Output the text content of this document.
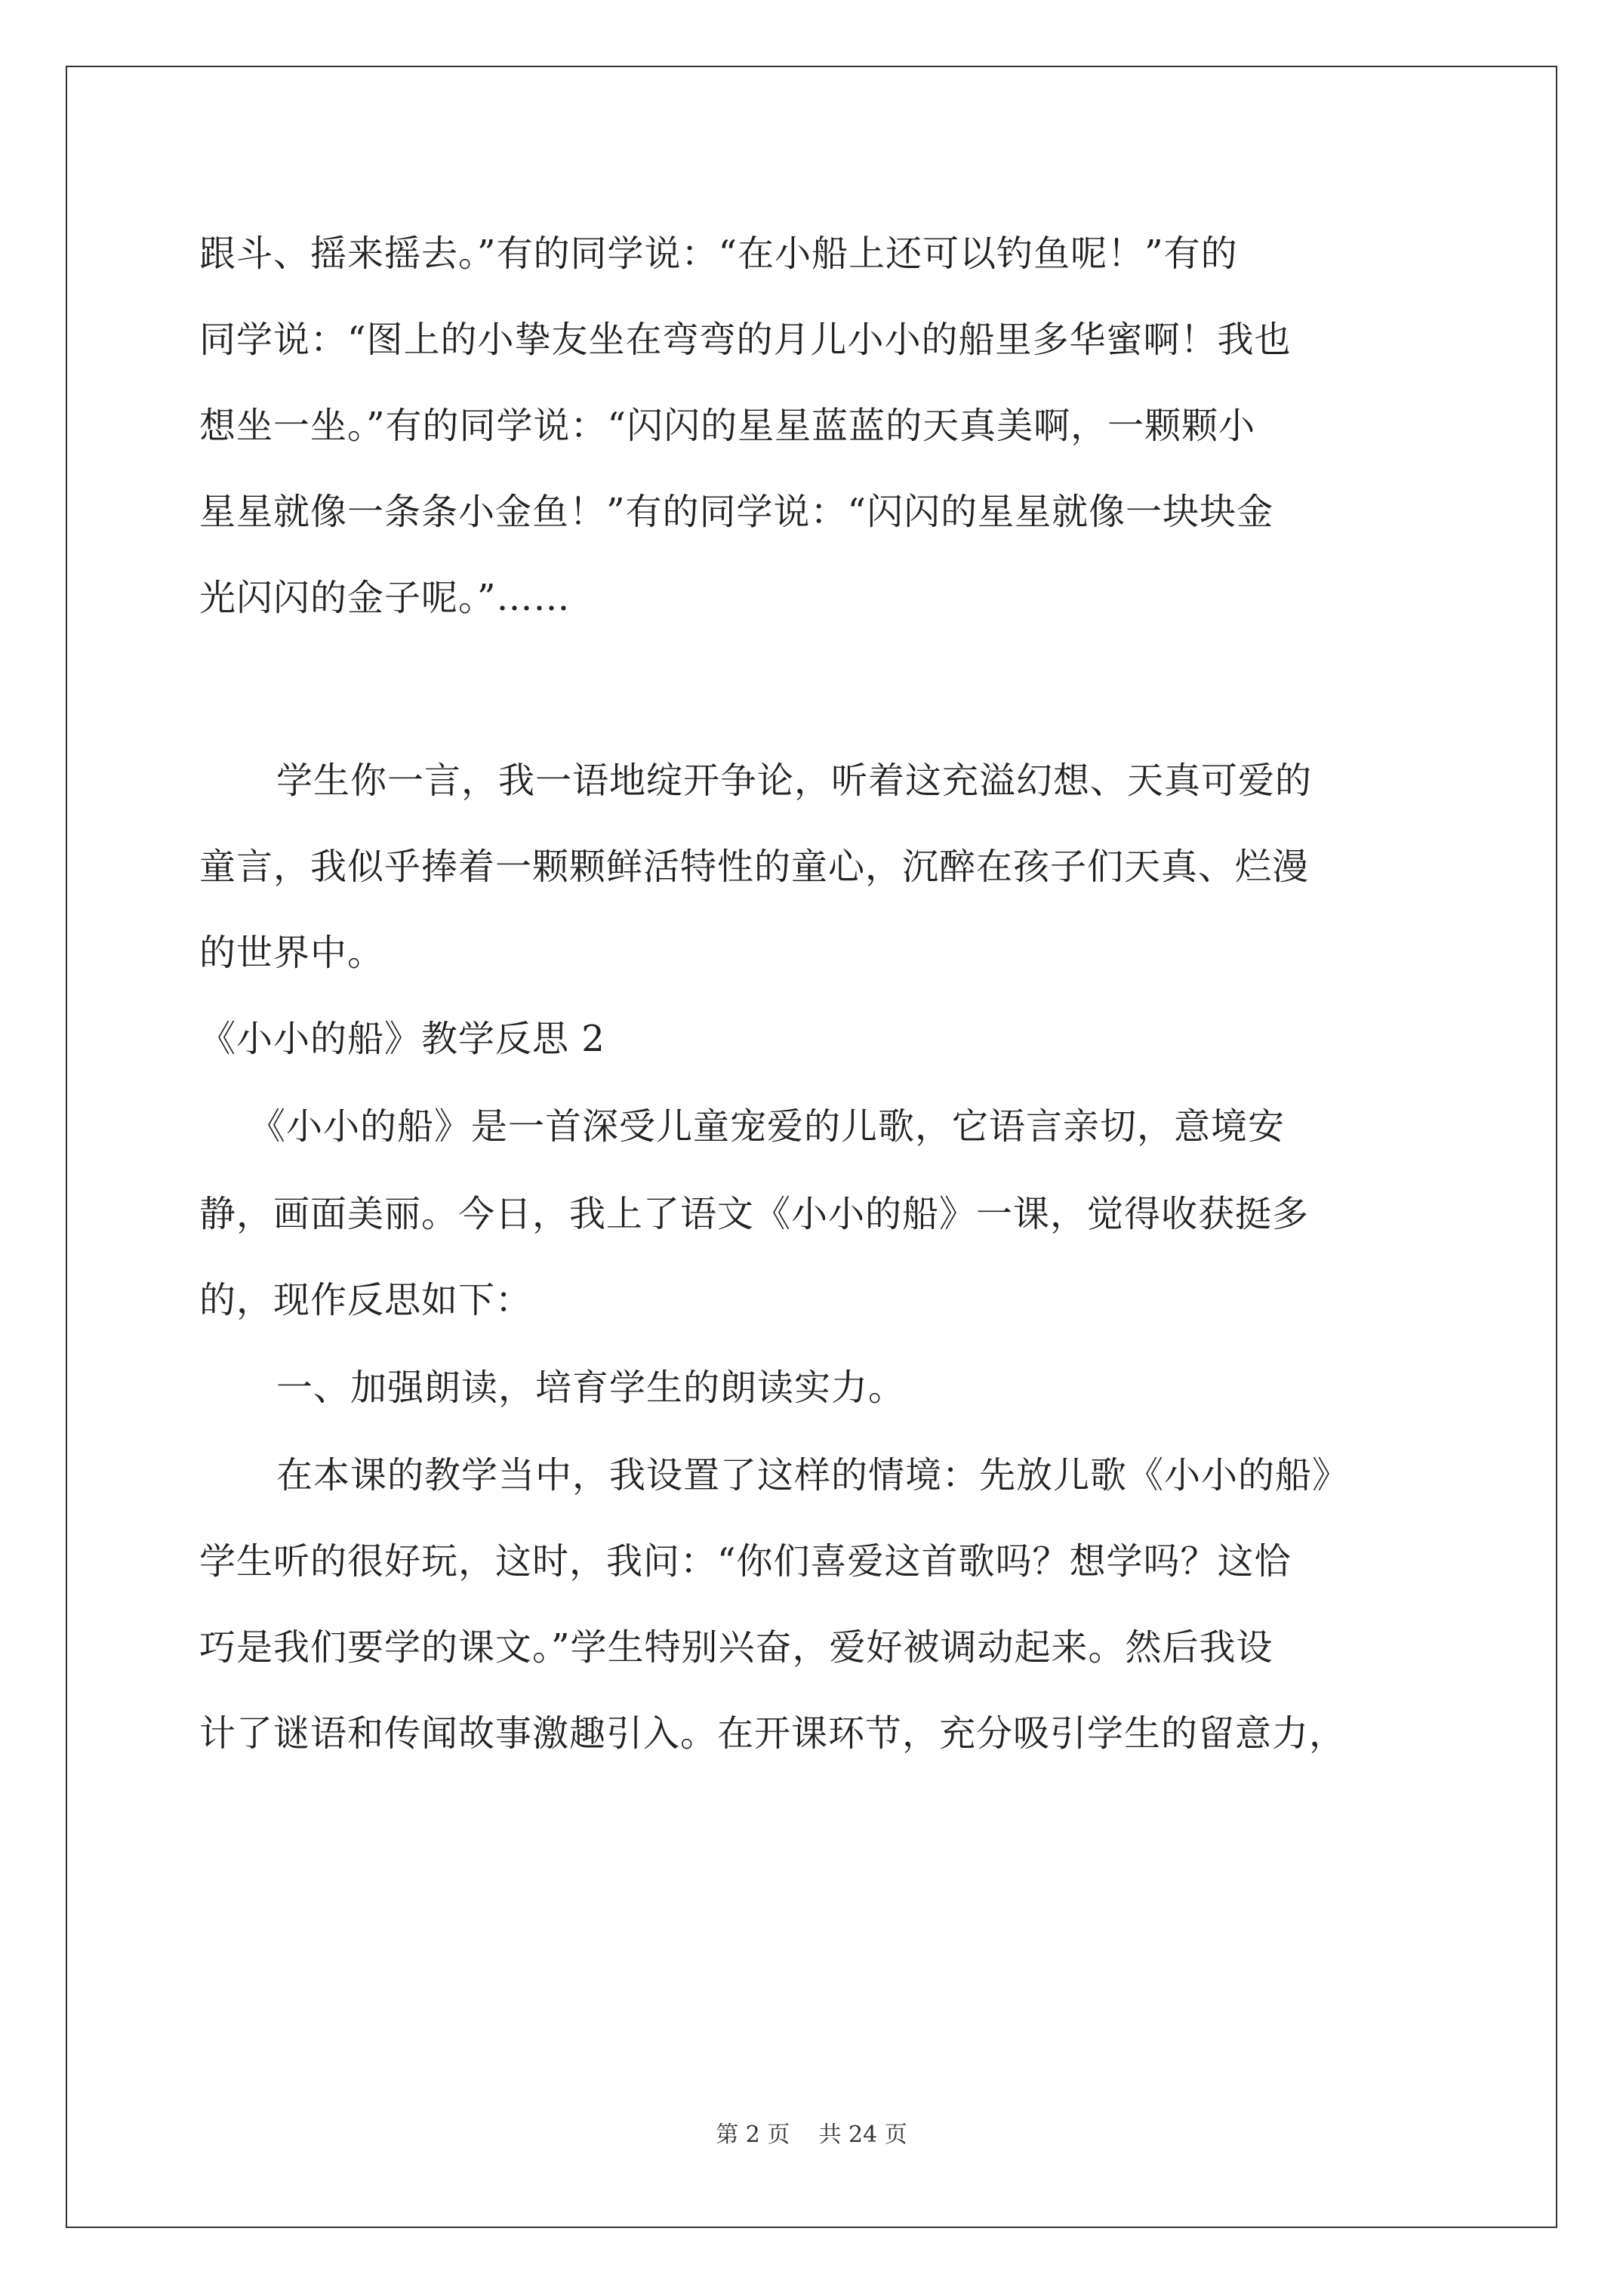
跟斗、摇来摇去。”有的同学说：“在小船上还可以钓鱼呢！”有的
同学说：“图上的小挚友坐在弯弯的月儿小小的船里多华蜜啊！我也
想坐一坐。”有的同学说：“闪闪的星星蓝蓝的天真美啊，一颗颗小
星星就像一条条小金鱼！”有的同学说：“闪闪的星星就像一块块金
光闪闪的金子呢。”……
学生你一言，我一语地绽开争论，听着这充溢幻想、天真可爱的
童言，我似乎捧着一颗颗鲜活特性的童心，沉醉在孩子们天真、烂漫
的世界中。
《小小的船》教学反思 2
《小小的船》是一首深受儿童宠爱的儿歌，它语言亲切，意境安
静，画面美丽。今日，我上了语文《小小的船》一课，觉得收获挺多
的，现作反思如下：
一、加强朗读，培育学生的朗读实力。
在本课的教学当中，我设置了这样的情境：先放儿歌《小小的船》
学生听的很好玩，这时，我问：“你们喜爱这首歌吗？想学吗？这恰
巧是我们要学的课文。”学生特别兴奋，爱好被调动起来。然后我设
计了谜语和传闻故事激趣引入。在开课环节，充分吸引学生的留意力，
第 2 页    共 24 页
